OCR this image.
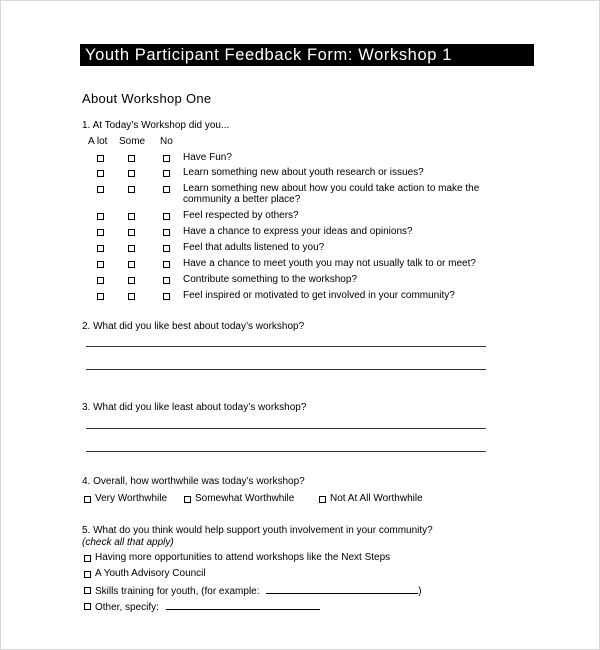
Youth Participant Feedback Form: Workshop 1
About Workshop One
1. At Today’s Workshop did you...
A lot Some No
Have Fun?
Learn something new about youth research or issues?
Learn something new about how you could take action to make the community a better place?
Feel respected by others?
Have a chance to express your ideas and opinions?
Feel that adults listened to you?
Have a chance to meet youth you may not usually talk to or meet?
Contribute something to the workshop?
Feel inspired or motivated to get involved in your community?
2. What did you like best about today’s workshop?
3. What did you like least about today’s workshop?
4. Overall, how worthwhile was today’s workshop?
Very Worthwhile	Somewhat Worthwhile	Not At All Worthwhile
5. What do you think would help support youth involvement in your community?
(check all that apply)
Having more opportunities to attend workshops like the Next Steps
A Youth Advisory Council
Skills training for youth, (for example:	)
Other, specify:
